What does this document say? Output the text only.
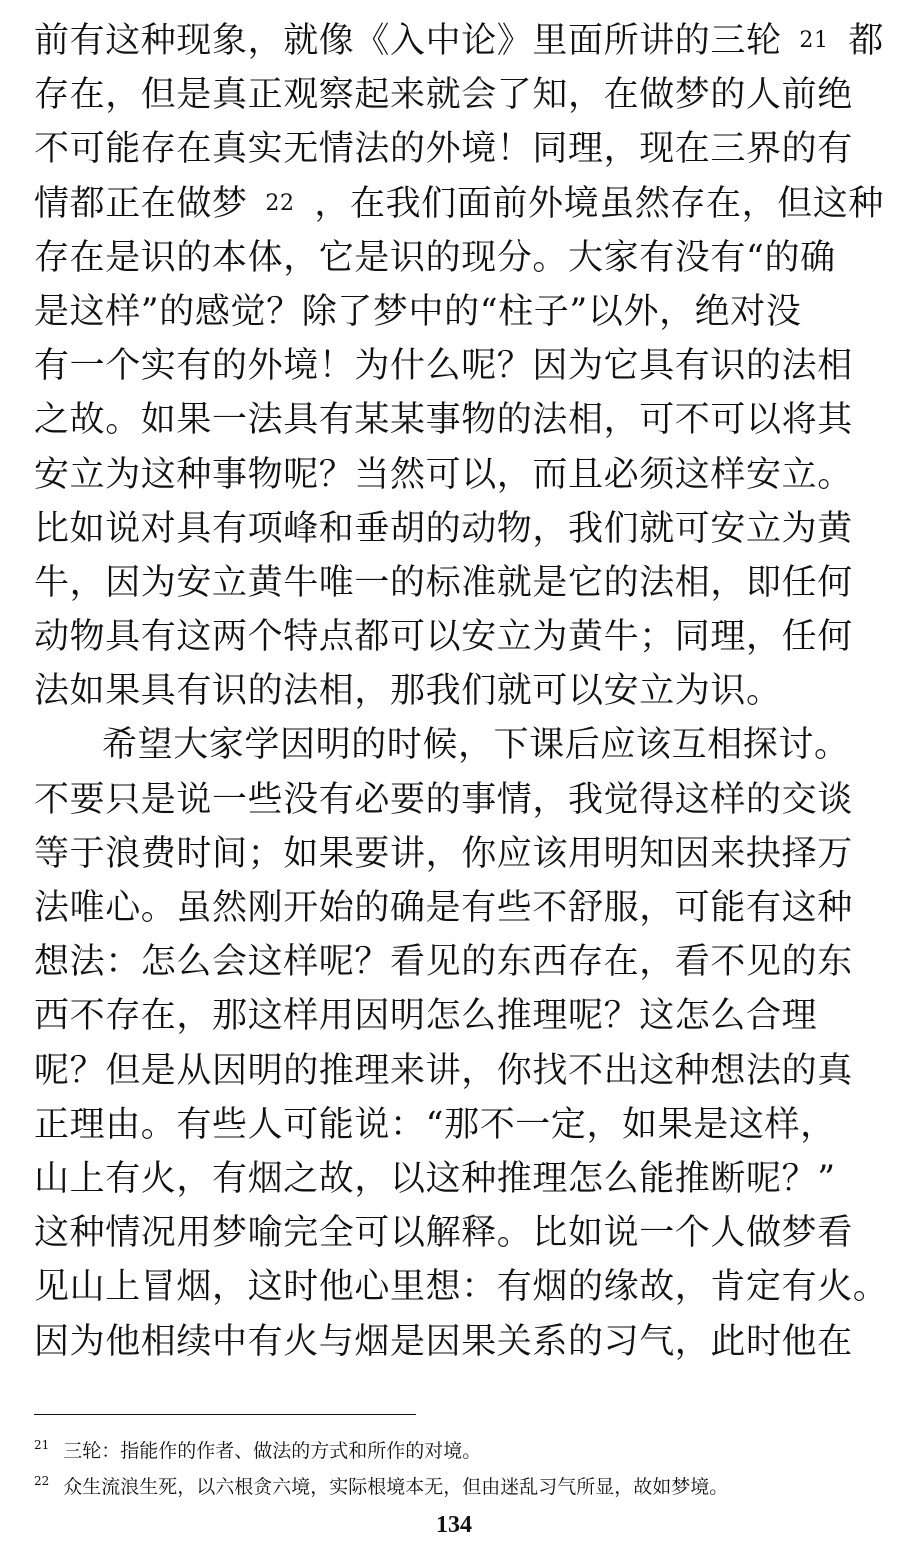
前有这种现象，就像《入中论》里面所讲的三轮 21 都
存在，但是真正观察起来就会了知，在做梦的人前绝
不可能存在真实无情法的外境！同理，现在三界的有
情都正在做梦 22 ，在我们面前外境虽然存在，但这种
存在是识的本体，它是识的现分。大家有没有“的确
是这样”的感觉？除了梦中的“柱子”以外，绝对没
有一个实有的外境！为什么呢？因为它具有识的法相
之故。如果一法具有某某事物的法相，可不可以将其
安立为这种事物呢？当然可以，而且必须这样安立。
比如说对具有项峰和垂胡的动物，我们就可安立为黄
牛，因为安立黄牛唯一的标准就是它的法相，即任何
动物具有这两个特点都可以安立为黄牛；同理，任何
法如果具有识的法相，那我们就可以安立为识。
希望大家学因明的时候，下课后应该互相探讨。
不要只是说一些没有必要的事情，我觉得这样的交谈
等于浪费时间；如果要讲，你应该用明知因来抉择万
法唯心。虽然刚开始的确是有些不舒服，可能有这种
想法：怎么会这样呢？看见的东西存在，看不见的东
西不存在，那这样用因明怎么推理呢？这怎么合理
呢？但是从因明的推理来讲，你找不出这种想法的真
正理由。有些人可能说：“那不一定，如果是这样，
山上有火，有烟之故，以这种推理怎么能推断呢？”
这种情况用梦喻完全可以解释。比如说一个人做梦看
见山上冒烟，这时他心里想：有烟的缘故，肯定有火。
因为他相续中有火与烟是因果关系的习气，此时他在
$^{21}$ 三轮：指能作的作者、做法的方式和所作的对境。
$^{22}$ 众生流浪生死，以六根贪六境，实际根境本无，但由迷乱习气所显，故如梦境。
134
